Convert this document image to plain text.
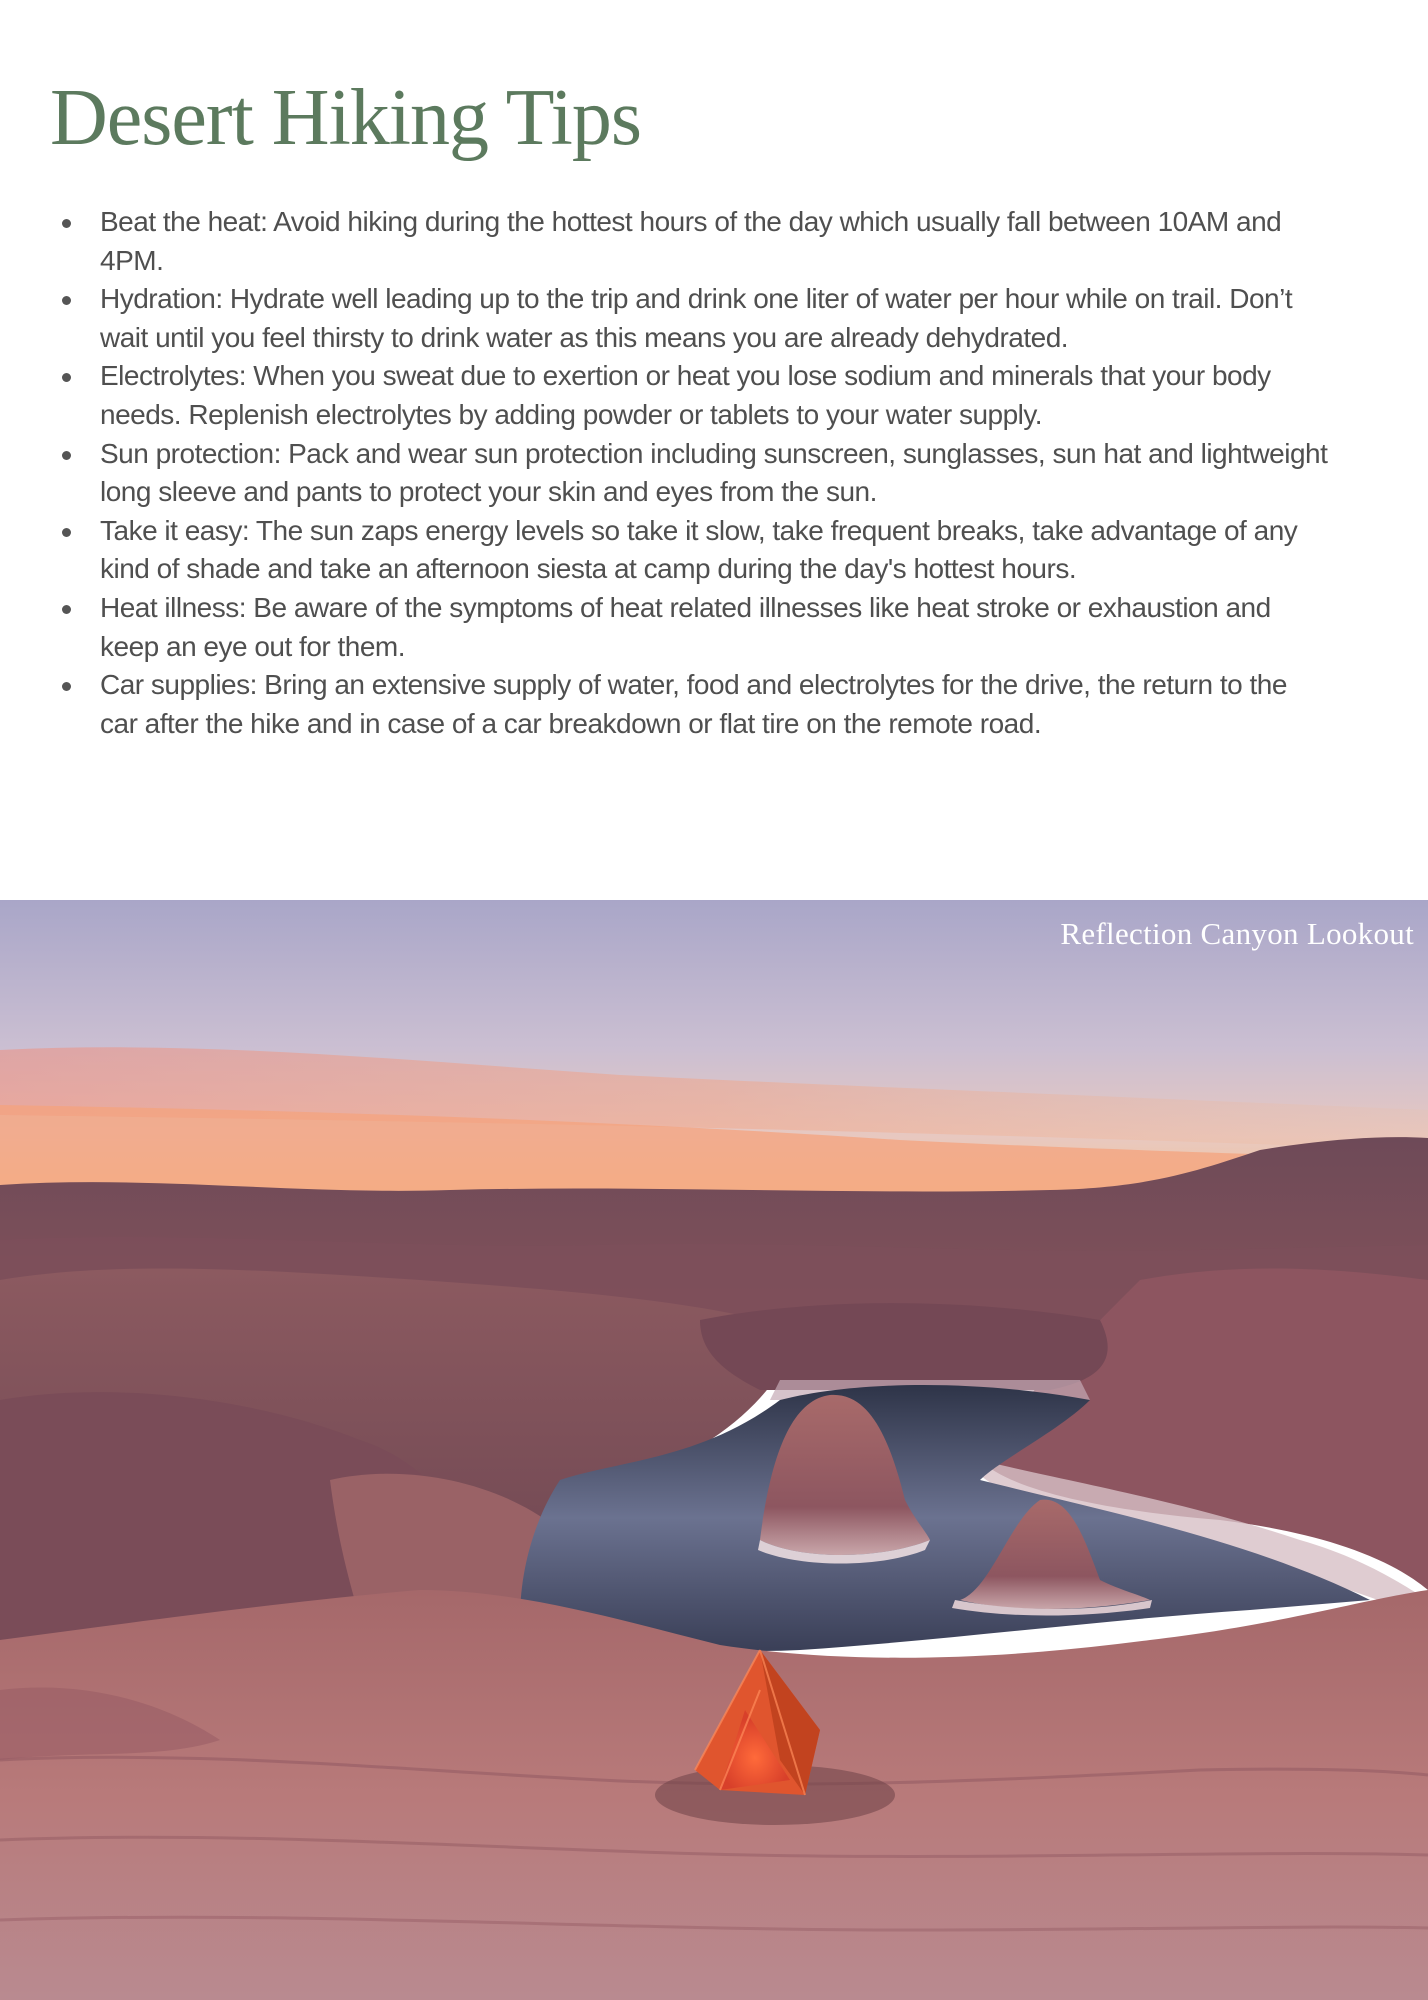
Desert Hiking Tips
Beat the heat: Avoid hiking during the hottest hours of the day which usually fall between 10AM and 4PM.
Hydration: Hydrate well leading up to the trip and drink one liter of water per hour while on trail. Don’t wait until you feel thirsty to drink water as this means you are already dehydrated.
Electrolytes: When you sweat due to exertion or heat you lose sodium and minerals that your body needs. Replenish electrolytes by adding powder or tablets to your water supply.
Sun protection: Pack and wear sun protection including sunscreen, sunglasses, sun hat and lightweight long sleeve and pants to protect your skin and eyes from the sun.
Take it easy: The sun zaps energy levels so take it slow, take frequent breaks, take advantage of any kind of shade and take an afternoon siesta at camp during the day's hottest hours.
Heat illness: Be aware of the symptoms of heat related illnesses like heat stroke or exhaustion and keep an eye out for them.
Car supplies: Bring an extensive supply of water, food and electrolytes for the drive, the return to the car after the hike and in case of a car breakdown or flat tire on the remote road.
Reflection Canyon Lookout
